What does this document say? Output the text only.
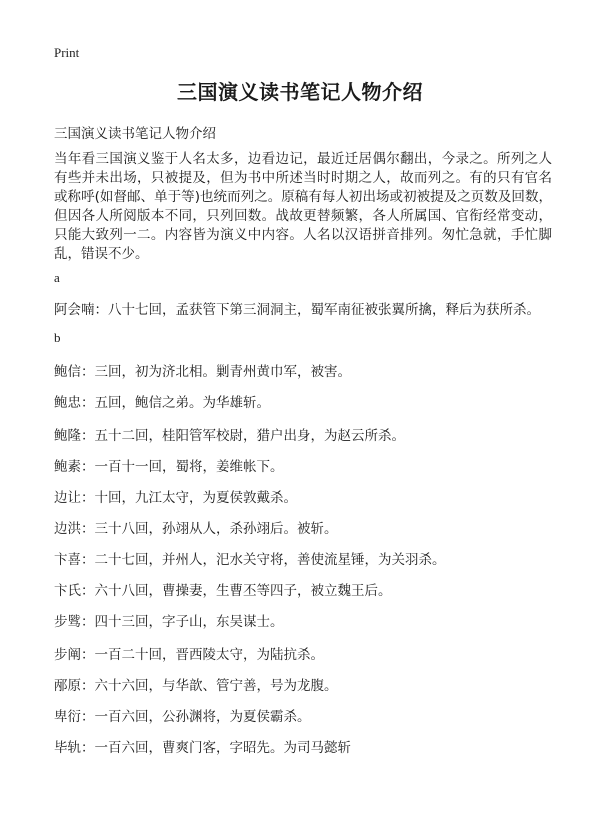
Print
三国演义读书笔记人物介绍
三国演义读书笔记人物介绍
当年看三国演义鉴于人名太多，边看边记，最近迁居偶尔翻出，今录之。所列之人有些并未出场，只被提及，但为书中所述当时时期之人，故而列之。有的只有官名或称呼(如督邮、单于等)也统而列之。原稿有每人初出场或初被提及之页数及回数，但因各人所阅版本不同，只列回数。战故更替频繁，各人所属国、官衔经常变动，只能大致列一二。内容皆为演义中内容。人名以汉语拼音排列。匆忙急就，手忙脚乱，错误不少。
a
阿会喃：八十七回，孟获管下第三洞洞主，蜀军南征被张翼所擒，释后为获所杀。
b
鲍信：三回，初为济北相。剿青州黄巾军，被害。
鲍忠：五回，鲍信之弟。为华雄斩。
鲍隆：五十二回，桂阳管军校尉，猎户出身，为赵云所杀。
鲍素：一百十一回，蜀将，姜维帐下。
边让：十回，九江太守，为夏侯敦戴杀。
边洪：三十八回，孙翊从人，杀孙翊后。被斩。
卞喜：二十七回，并州人，汜水关守将，善使流星锤，为关羽杀。
卞氏：六十八回，曹操妻，生曹丕等四子，被立魏王后。
步骘：四十三回，字子山，东吴谋士。
步阐：一百二十回，晋西陵太守，为陆抗杀。
邴原：六十六回，与华歆、管宁善，号为龙腹。
卑衍：一百六回，公孙渊将，为夏侯霸杀。
毕轨：一百六回，曹爽门客，字昭先。为司马懿斩
